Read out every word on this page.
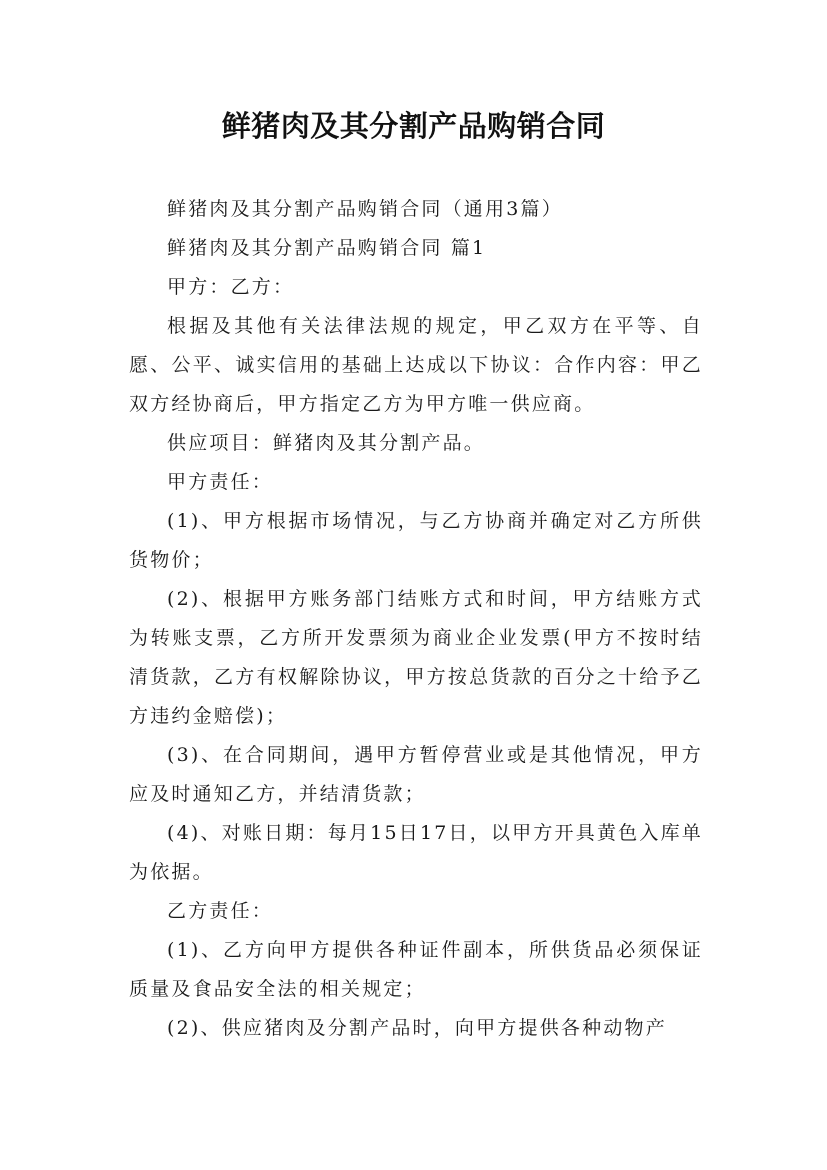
鲜猪肉及其分割产品购销合同

鲜猪肉及其分割产品购销合同（通用3篇）

鲜猪肉及其分割产品购销合同 篇1

甲方：乙方：

根据及其他有关法律法规的规定，甲乙双方在平等、自愿、公平、诚实信用的基础上达成以下协议：合作内容：甲乙双方经协商后，甲方指定乙方为甲方唯一供应商。

供应项目：鲜猪肉及其分割产品。

甲方责任：

(1)、甲方根据市场情况，与乙方协商并确定对乙方所供货物价；

(2)、根据甲方账务部门结账方式和时间，甲方结账方式为转账支票，乙方所开发票须为商业企业发票(甲方不按时结清货款，乙方有权解除协议，甲方按总货款的百分之十给予乙方违约金赔偿)；

(3)、在合同期间，遇甲方暂停营业或是其他情况，甲方应及时通知乙方，并结清货款；

(4)、对账日期：每月15日17日，以甲方开具黄色入库单为依据。

乙方责任：

(1)、乙方向甲方提供各种证件副本，所供货品必须保证质量及食品安全法的相关规定；

(2)、供应猪肉及分割产品时，向甲方提供各种动物产
